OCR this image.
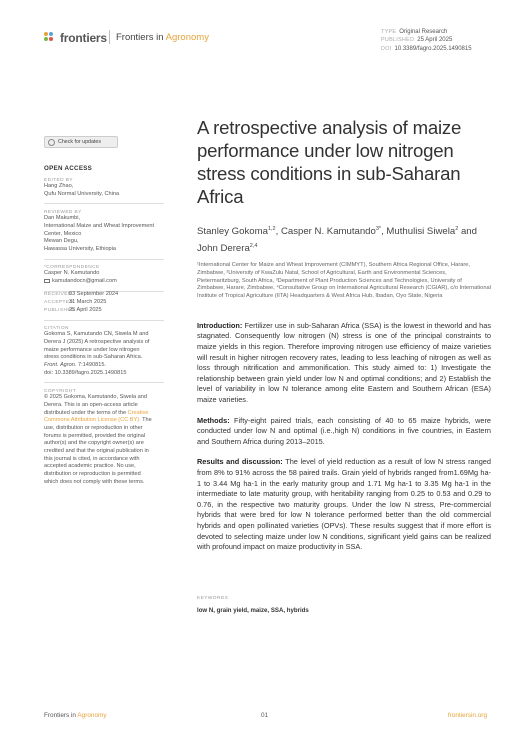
frontiers Frontiers in Agronomy	TYPE Original Research
PUBLISHED 25 April 2025
DOI 10.3389/fagro.2025.1490815
Check for updates
OPEN ACCESS
EDITED BY
Hang Zhao,
Qufu Normal University, China
REVIEWED BY
Dan Makumbi,
International Maize and Wheat Improvement
Center, Mexico
Mewan Degu,
Hawassa University, Ethiopia
*CORRESPONDENCE
Casper N. Kamutando
kamutandocn@gmail.com
RECEIVED03 September 2024
ACCEPTED31 March 2025
PUBLISHED25 April 2025
CITATION
Gokoma S, Kamutando CN, Siwela M and
Derera J (2025) A retrospective analysis of
maize performance under low nitrogen
stress conditions in sub-Saharan Africa.
Front. Agron. 7:1490815.
doi: 10.3389/fagro.2025.1490815
COPYRIGHT
© 2025 Gokoma, Kamutando, Siwela and
Derera. This is an open-access article
distributed under the terms of the Creative
Commons Attribution License (CC BY). The
use, distribution or reproduction in other
forums is permitted, provided the original
author(s) and the copyright owner(s) are
credited and that the original publication in
this journal is cited, in accordance with
accepted academic practice. No use,
distribution or reproduction is permitted
which does not comply with these terms.
A retrospective analysis of maize performance under low nitrogen stress conditions in sub-Saharan Africa
Stanley Gokoma$^{1,2}$, Casper N. Kamutando$^{3*}$, Muthulisi Siwela$^2$ and John Derera$^{2,4}$
¹International Center for Maize and Wheat Improvement (CIMMYT), Southern Africa Regional Office, Harare, Zimbabwe, ²University of KwaZulu Natal, School of Agricultural, Earth and Environmental Sciences, Pietermaritzburg, South Africa, ³Department of Plant Production Sciences and Technologies, University of Zimbabwe, Harare, Zimbabwe, ⁴Consultative Group on International Agricultural Research (CGIAR), c/o International Institute of Tropical Agriculture (IITA) Headquarters & West Africa Hub, Ibadan, Oyo State, Nigeria

Introduction: Fertilizer use in sub-Saharan Africa (SSA) is the lowest in theworld and has stagnated. Consequently low nitrogen (N) stress is one of the principal constraints to maize yields in this region. Therefore improving nitrogen use efficiency of maize varieties will result in higher nitrogen recovery rates, leading to less leaching of nitrogen as well as loss through nitrification and ammonification. This study aimed to: 1) Investigate the relationship between grain yield under low N and optimal conditions; and 2) Establish the level of variability in low N tolerance among elite Eastern and Southern African (ESA) maize varieties.

Methods: Fifty-eight paired trials, each consisting of 40 to 65 maize hybrids, were conducted under low N and optimal (i.e.,high N) conditions in five countries, in Eastern and Southern Africa during 2013–2015.

Results and discussion: The level of yield reduction as a result of low N stress ranged from 8% to 91% across the 58 paired trails. Grain yield of hybrids ranged from1.69Mg ha-1 to 3.44 Mg ha-1 in the early maturity group and 1.71 Mg ha-1 to 3.35 Mg ha-1 in the intermediate to late maturity group, with heritability ranging from 0.25 to 0.53 and 0.29 to 0.76, in the respective two maturity groups. Under the low N stress, Pre-commercial hybrids that were bred for low N tolerance performed better than the old commercial hybrids and open pollinated varieties (OPVs). These results suggest that if more effort is devoted to selecting maize under low N conditions, significant yield gains can be realized with profound impact on maize productivity in SSA.

KEYWORDS
low N, grain yield, maize, SSA, hybrids
Frontiers in Agronomy	01	frontiersin.org
